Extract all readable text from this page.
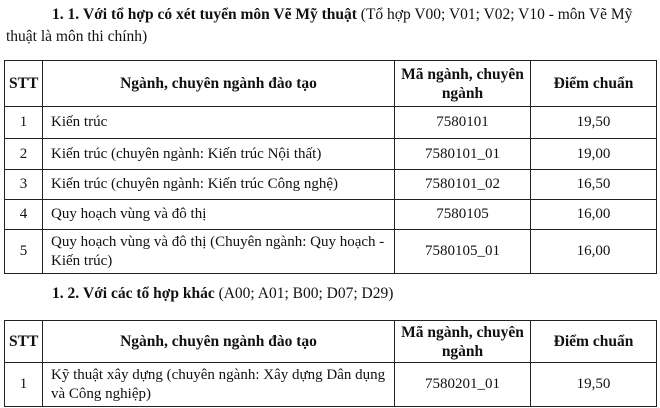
1. 1. Với tổ hợp có xét tuyển môn Vẽ Mỹ thuật (Tổ hợp V00; V01; V02; V10 - môn Vẽ Mỹ thuật là môn thi chính)
STT	Ngành, chuyên ngành đào tạo	Mã ngành, chuyên ngành	Điểm chuẩn
1	Kiến trúc	7580101	19,50
2	Kiến trúc (chuyên ngành: Kiến trúc Nội thất)	7580101_01	19,00
3	Kiến trúc (chuyên ngành: Kiến trúc Công nghệ)	7580101_02	16,50
4	Quy hoạch vùng và đô thị	7580105	16,00
5	Quy hoạch vùng và đô thị (Chuyên ngành: Quy hoạch - Kiến trúc)	7580105_01	16,00
1. 2. Với các tổ hợp khác (A00; A01; B00; D07; D29)
STT	Ngành, chuyên ngành đào tạo	Mã ngành, chuyên ngành	Điểm chuẩn
1	Kỹ thuật xây dựng (chuyên ngành: Xây dựng Dân dụng và Công nghiệp)	7580201_01	19,50
